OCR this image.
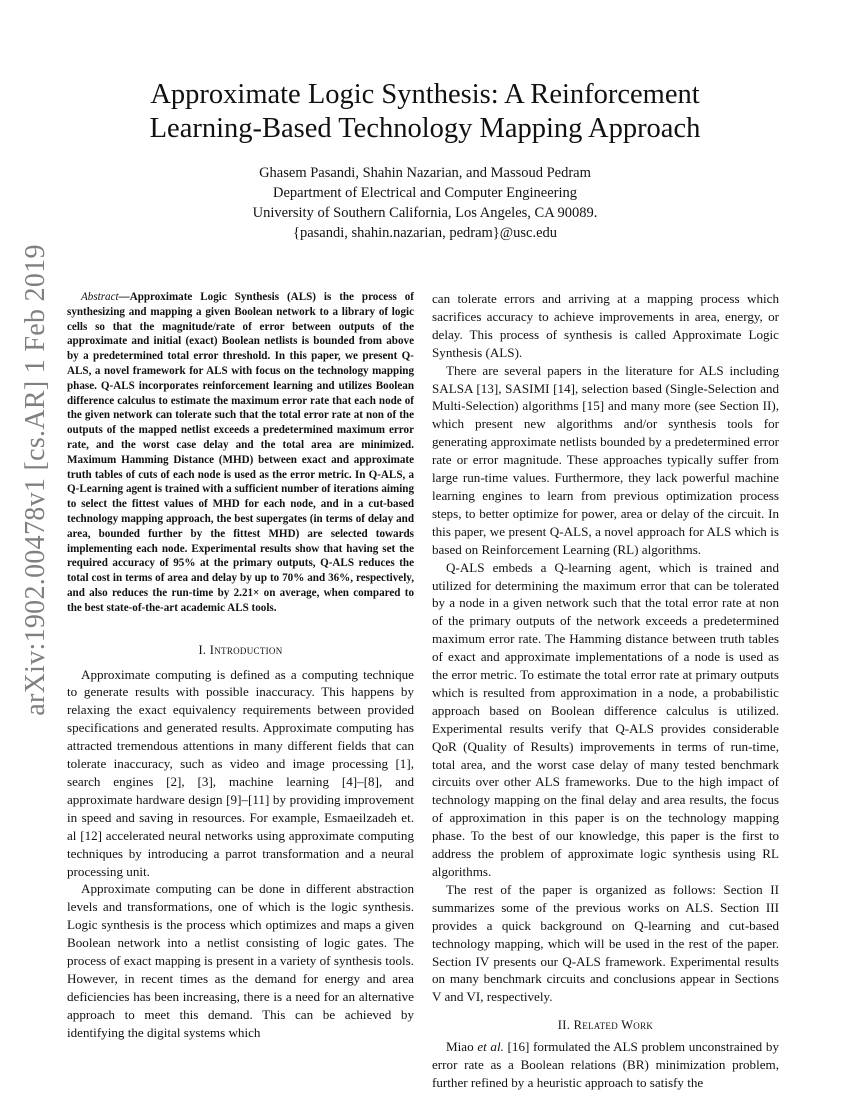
arXiv:1902.00478v1 [cs.AR] 1 Feb 2019
Approximate Logic Synthesis: A Reinforcement
Learning-Based Technology Mapping Approach
Ghasem Pasandi, Shahin Nazarian, and Massoud Pedram
Department of Electrical and Computer Engineering
University of Southern California, Los Angeles, CA 90089.
{pasandi, shahin.nazarian, pedram}@usc.edu

Abstract—Approximate Logic Synthesis (ALS) is the process of synthesizing and mapping a given Boolean network to a library of logic cells so that the magnitude/rate of error between outputs of the approximate and initial (exact) Boolean netlists is bounded from above by a predetermined total error threshold. In this paper, we present Q-ALS, a novel framework for ALS with focus on the technology mapping phase. Q-ALS incorporates reinforcement learning and utilizes Boolean difference calculus to estimate the maximum error rate that each node of the given network can tolerate such that the total error rate at non of the outputs of the mapped netlist exceeds a predetermined maximum error rate, and the worst case delay and the total area are minimized. Maximum Hamming Distance (MHD) between exact and approximate truth tables of cuts of each node is used as the error metric. In Q-ALS, a Q-Learning agent is trained with a sufficient number of iterations aiming to select the fittest values of MHD for each node, and in a cut-based technology mapping approach, the best supergates (in terms of delay and area, bounded further by the fittest MHD) are selected towards implementing each node. Experimental results show that having set the required accuracy of 95% at the primary outputs, Q-ALS reduces the total cost in terms of area and delay by up to 70% and 36%, respectively, and also reduces the run-time by 2.21× on average, when compared to the best state-of-the-art academic ALS tools.

I. Introduction

Approximate computing is defined as a computing technique to generate results with possible inaccuracy. This happens by relaxing the exact equivalency requirements between provided specifications and generated results. Approximate computing has attracted tremendous attentions in many different fields that can tolerate inaccuracy, such as video and image processing [1], search engines [2], [3], machine learning [4]–[8], and approximate hardware design [9]–[11] by providing improvement in speed and saving in resources. For example, Esmaeilzadeh et. al [12] accelerated neural networks using approximate computing techniques by introducing a parrot transformation and a neural processing unit.

Approximate computing can be done in different abstraction levels and transformations, one of which is the logic synthesis. Logic synthesis is the process which optimizes and maps a given Boolean network into a netlist consisting of logic gates. The process of exact mapping is present in a variety of synthesis tools. However, in recent times as the demand for energy and area deficiencies has been increasing, there is a need for an alternative approach to meet this demand. This can be achieved by identifying the digital systems which

can tolerate errors and arriving at a mapping process which sacrifices accuracy to achieve improvements in area, energy, or delay. This process of synthesis is called Approximate Logic Synthesis (ALS).

There are several papers in the literature for ALS including SALSA [13], SASIMI [14], selection based (Single-Selection and Multi-Selection) algorithms [15] and many more (see Section II), which present new algorithms and/or synthesis tools for generating approximate netlists bounded by a predetermined error rate or error magnitude. These approaches typically suffer from large run-time values. Furthermore, they lack powerful machine learning engines to learn from previous optimization process steps, to better optimize for power, area or delay of the circuit. In this paper, we present Q-ALS, a novel approach for ALS which is based on Reinforcement Learning (RL) algorithms.

Q-ALS embeds a Q-learning agent, which is trained and utilized for determining the maximum error that can be tolerated by a node in a given network such that the total error rate at non of the primary outputs of the network exceeds a predetermined maximum error rate. The Hamming distance between truth tables of exact and approximate implementations of a node is used as the error metric. To estimate the total error rate at primary outputs which is resulted from approximation in a node, a probabilistic approach based on Boolean difference calculus is utilized. Experimental results verify that Q-ALS provides considerable QoR (Quality of Results) improvements in terms of run-time, total area, and the worst case delay of many tested benchmark circuits over other ALS frameworks. Due to the high impact of technology mapping on the final delay and area results, the focus of approximation in this paper is on the technology mapping phase. To the best of our knowledge, this paper is the first to address the problem of approximate logic synthesis using RL algorithms.

The rest of the paper is organized as follows: Section II summarizes some of the previous works on ALS. Section III provides a quick background on Q-learning and cut-based technology mapping, which will be used in the rest of the paper. Section IV presents our Q-ALS framework. Experimental results on many benchmark circuits and conclusions appear in Sections V and VI, respectively.

II. Related Work

Miao et al. [16] formulated the ALS problem unconstrained by error rate as a Boolean relations (BR) minimization problem, further refined by a heuristic approach to satisfy the
